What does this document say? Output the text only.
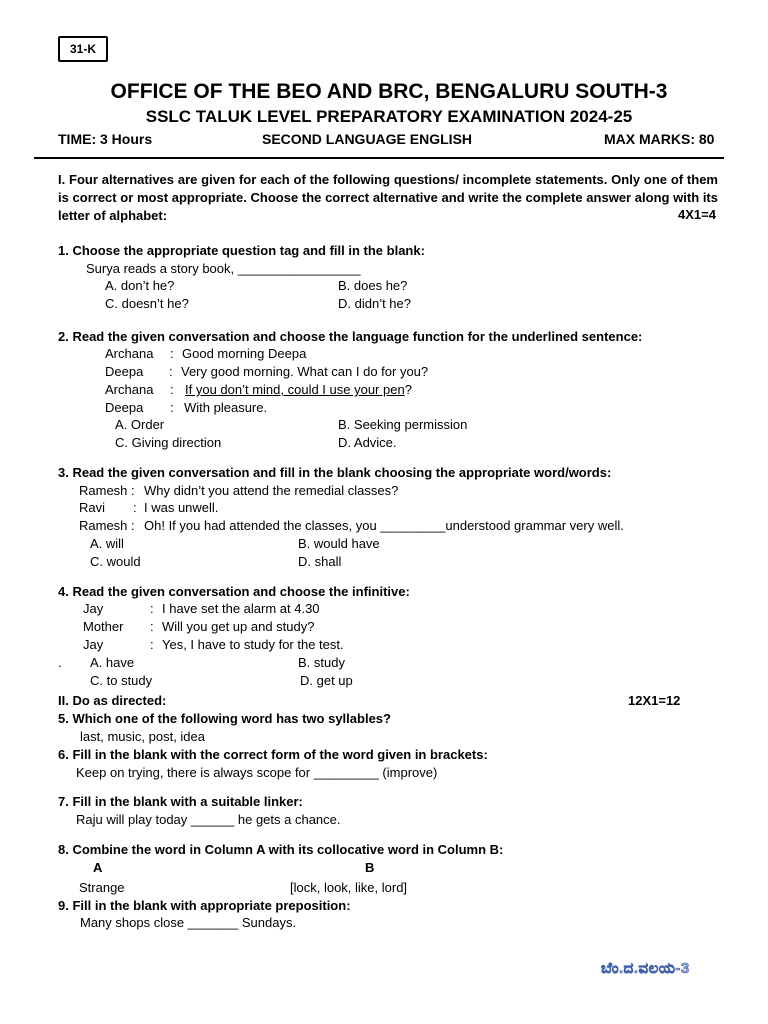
31-K
OFFICE OF THE BEO AND BRC, BENGALURU SOUTH-3
SSLC TALUK LEVEL PREPARATORY EXAMINATION 2024-25
TIME: 3 Hours	SECOND LANGUAGE ENGLISH	MAX MARKS: 80
I. Four alternatives are given for each of the following questions/ incomplete statements. Only one of them is correct or most appropriate. Choose the correct alternative and write the complete answer along with its letter of alphabet:	4X1=4
1. Choose the appropriate question tag and fill in the blank:
Surya reads a story book, _________________
A. don’t he?	B. does he?
C. doesn’t he?	D. didn’t he?
2. Read the given conversation and choose the language function for the underlined sentence:
Archana : Good morning Deepa
Deepa : Very good morning. What can I do for you?
Archana : If you don’t mind, could I use your pen?
Deepa : With pleasure.
A. Order	B. Seeking permission
C. Giving direction	D. Advice.
3. Read the given conversation and fill in the blank choosing the appropriate word/words:
Ramesh : Why didn’t you attend the remedial classes?
Ravi : I was unwell.
Ramesh : Oh! If you had attended the classes, you _________understood grammar very well.
A. will	B. would have
C. would	D. shall
4. Read the given conversation and choose the infinitive:
Jay	: I have set the alarm at 4.30
Mother : Will you get up and study?
Jay	: Yes, I have to study for the test.
. A. have	B. study
C. to study	D. get up
II. Do as directed:	12X1=12
5. Which one of the following word has two syllables?
last, music, post, idea
6. Fill in the blank with the correct form of the word given in brackets:
Keep on trying, there is always scope for _________ (improve)
7. Fill in the blank with a suitable linker:
Raju will play today ______ he gets a chance.
8. Combine the word in Column A with its collocative word in Column B:
A	B
Strange	[lock, look, like, lord]
9. Fill in the blank with appropriate preposition:
Many shops close _______ Sundays.
ಬೆಂ.ದ.ವಲಯ-3
